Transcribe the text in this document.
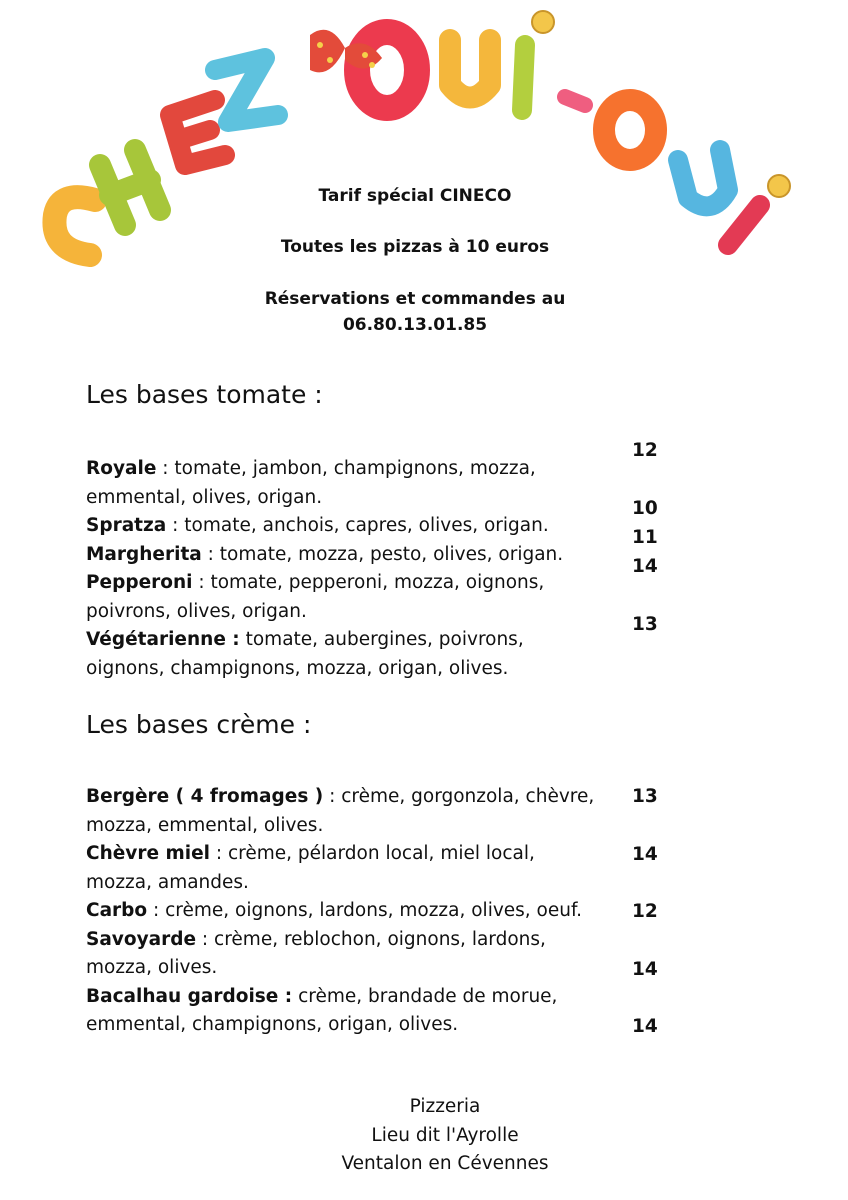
Tarif spécial CINECO
Toutes les pizzas à 10 euros
Réservations et commandes au
06.80.13.01.85
Les bases tomate :
Royale : tomate, jambon, champignons, mozza, emmental, olives, origan.
Spratza : tomate, anchois, capres, olives, origan.
Margherita : tomate, mozza, pesto, olives, origan.
Pepperoni : tomate, pepperoni, mozza, oignons, poivrons, olives, origan.
Végétarienne : tomate, aubergines, poivrons, oignons, champignons, mozza, origan, olives.
12
10
11
14
13
Les bases crème :
Bergère ( 4 fromages ) : crème, gorgonzola, chèvre, mozza, emmental, olives.
Chèvre miel : crème, pélardon local, miel local, mozza, amandes.
Carbo : crème, oignons, lardons, mozza, olives, oeuf.
Savoyarde : crème, reblochon, oignons, lardons, mozza, olives.
Bacalhau gardoise : crème, brandade de morue, emmental, champignons, origan, olives.
13
14
12
14
14
Pizzeria
Lieu dit l'Ayrolle
Ventalon en Cévennes
